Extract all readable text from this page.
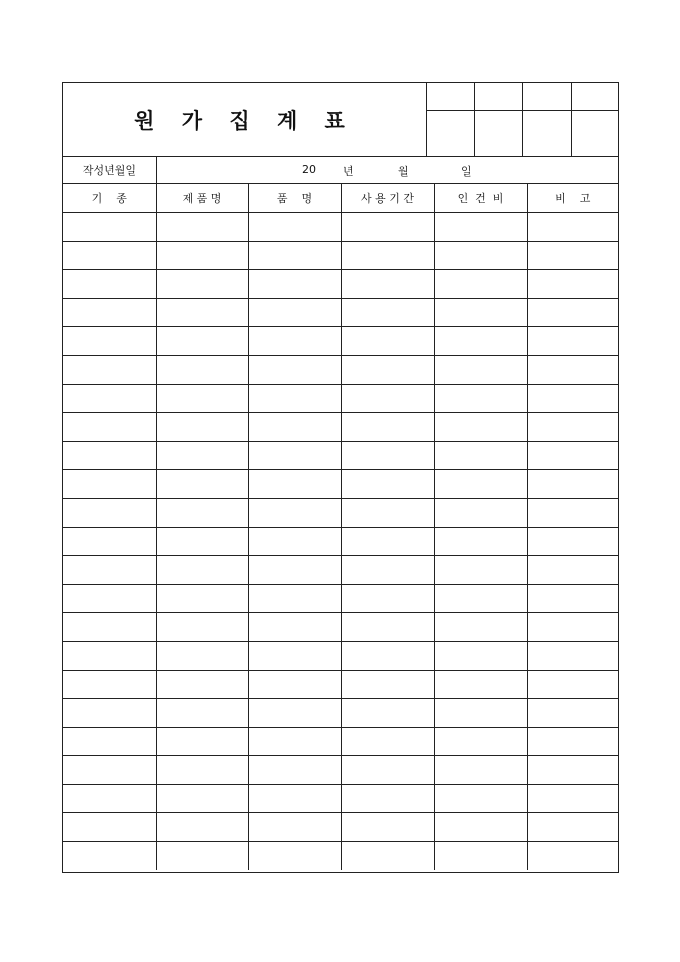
원 가 집 계 표
작성년월일	20 년	월	일
기    종	제 품 명	품    명	사 용 기 간	인  건  비	비    고
